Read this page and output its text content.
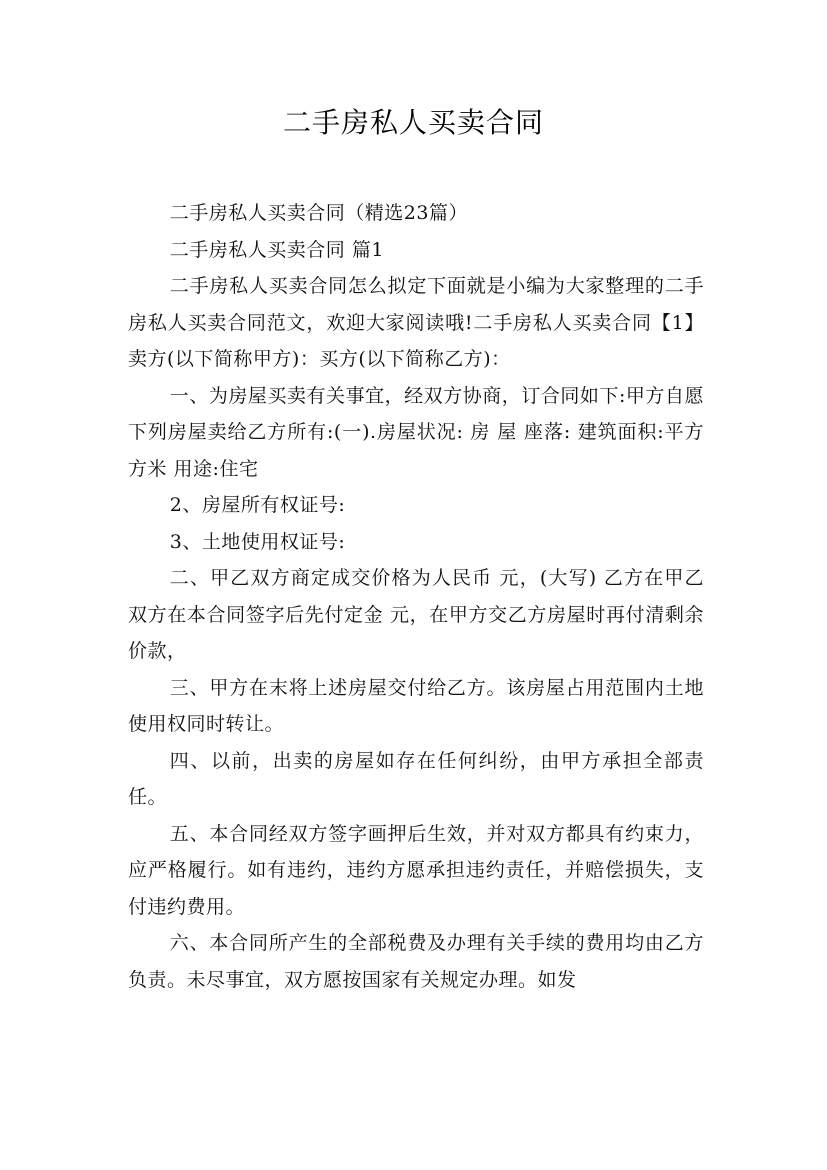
二手房私人买卖合同

二手房私人买卖合同（精选23篇）

二手房私人买卖合同 篇1

二手房私人买卖合同怎么拟定下面就是小编为大家整理的二手房私人买卖合同范文，欢迎大家阅读哦!二手房私人买卖合同【1】卖方(以下简称甲方)：买方(以下简称乙方)：

一、为房屋买卖有关事宜，经双方协商，订合同如下:甲方自愿下列房屋卖给乙方所有:(一).房屋状况: 房 屋 座落: 建筑面积:平方方米 用途:住宅

2、房屋所有权证号:

3、土地使用权证号:

二、甲乙双方商定成交价格为人民币 元，(大写) 乙方在甲乙双方在本合同签字后先付定金 元，在甲方交乙方房屋时再付清剩余价款，

三、甲方在末将上述房屋交付给乙方。该房屋占用范围内土地使用权同时转让。

四、以前，出卖的房屋如存在任何纠纷，由甲方承担全部责任。

五、本合同经双方签字画押后生效，并对双方都具有约束力，应严格履行。如有违约，违约方愿承担违约责任，并赔偿损失，支付违约费用。

六、本合同所产生的全部税费及办理有关手续的费用均由乙方负责。未尽事宜，双方愿按国家有关规定办理。如发
